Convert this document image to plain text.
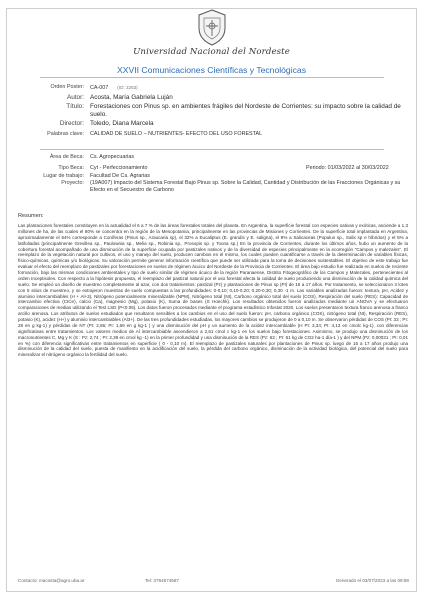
Universidad Nacional del Nordeste
XXVII Comunicaciones Científicas y Tecnológicas
Orden Poster: CA-007 (ID: 2253)
Autor: Acosta, María Gabriela Luján
Título: Forestaciones con Pinus sp. en ambientes frágiles del Nordeste de Corrientes: su impacto sobre la calidad de suelo.
Director: Toledo, Diana Marcela
Palabras clave: CALIDAD DE SUELO – NUTRIENTES- EFECTO DEL USO FORESTAL
Área de Beca: Cs. Agropecuarias
Tipo Beca: Cyt - Perfeccionamiento	Periodo: 01/03/2022 al 30/03/2022
Lugar de trabajo: Facultad De Cs. Agrarias
Proyecto: (19A007) Impacto del Sistema Forestal Bajo Pinus sp. Sobre la Calidad, Cantidad y Distribución de las Fracciones Orgánicas y su Efecto en el Secuestro de Carbono
Resumen:
Las plantaciones forestales constituyen en la actualidad el 6 a 7 % de las áreas forestales totales del planeta. En Argentina, la superficie forestal con especies nativas y exóticas, asciende a 1,3 millones de ha, de las cuales el 80% se concentra en la región de la Mesopotamia, principalmente en las provincias de Misiones y Corrientes. De la superficie total implantada en Argentina, aproximadamente el 54% corresponde a Coníferas (Pinus sp., Araucaria sp), el 32% a Eucaliptus (E. grandis y E. saligna), el 9% a Salicaceas (Populus sp., Salix sp e híbridos) y el 5% a latifoliadas (principalmente Grevillea sp., Paulownia sp., Melia sp., Robinia sp., Prosopis sp. y Toona sp.) En la provincia de Corrientes, durante los últimos años, hubo un aumento de la cobertura forestal acompañado de una disminución de la superficie ocupada por pastizales nativos y de la diversidad de especies principalmente en la ecorregión "Campos y malezales". El reemplazo de la vegetación natural por cultivos, el uso y manejo del suelo, producen cambios en el mismo, los cuales pueden cuantificarse a través de la determinación de variables físicas, físico-químicas, químicas y/o biológicas. Su valoración permite generar información científica que puede ser utilizada para la toma de decisiones sustentables. El objetivo de este trabajo fue evaluar el efecto del reemplazo de pastizales por forestaciones en suelos de régimen ácuico del Nordeste de la Provincia de Corrientes. El área bajo estudio fue realizada en suelos de reciente formación, bajo las mismas condiciones ambientales y tipo de suelo similar de régimen ácuico de la región Paranaense, Distrito Fitogeográfico de los Campos y Malezales, pertenecientes al orden Inceptisoles. Con respecto a la hipótesis propuesta, el reemplazo del pastizal natural por el uso forestal afecta la calidad de suelo produciendo una disminución de la calidad química del suelo. Se empleó un diseño de muestreo completamente al azar, con dos tratamientos: pastizal (Pz) y plantaciones de Pinus sp (PI) de 15 a 17 años. Por tratamiento, se seleccionaron 3 lotes con 5 sitios de muestreo, y se extrajeron muestras de suelo compuestas a las profundidades: 0-0,10; 0,10-0,20; 0,20-0,30; 0,30 -1 m. Las variables analizadas fueron: textura, pH, Acidez y aluminio intercambiables (H + Al+3), Nitrógeno potencialmente mineralizable (NPM), Nitrógeno total (Nt), Carbono orgánico total del suelo (COS), Respiración del suelo (RES); Capacidad de intercambio efectiva (CICe), calcio (Ca), magnesio (Mg), potasio (K), Suma de bases (S Hoechk). Los resultados obtenidos fueron analizados mediante un ANOVA y se efectuaron comparaciones de medias utilizando el Test LSD (P<0.05). Los datos fueron procesados mediante el programa estadístico Infostat 2020. Los suelos presentaron textura franco arenosa a franco arcillo arenosa. Los atributos de suelos estudiados que resultaron sensibles a los cambios en el uso del suelo fueron: pH, carbono orgánico (COS), nitrógeno total (Nt), Respiración (RES), potasio (K), acidez (H+) y aluminio intercambiables (Al3+). De las tres profundidades estudiadas, los mayores cambios se produjeron de 0 a 0,10 m. Se observaron pérdidas de COS (PI: 33 ; PI: 28 en g kg-1) y pérdidas de NT (PI: 2,86; PI: 1,69 en g kg-1 ) y una disminución del pH y un aumento de la acidez intercambiable (H PI: 3,34; PI: 4,13 en cmolc kg-1), con diferencias significativas entre tratamientos. Los valores medios de Al intercambiable ascendieron a 2,61 cmol c kg-1 en los suelos bajo forestaciones. Asimismo, se produjo una disminución de los macronutrientes C, Mg y K (S : Pz: 2,74 ; PI: 2,38 en cmol kg -1) en la primer profundidad y una disminución de la RES (Pz: 63 ; PI: 51 kg de CO2 ha-1 día-1 ) y del NPM (Pz: 0,00031 ; PI: 0,01 en %) con diferencia significativas entre tratamientos en superficie ( 0 - 0,10 m). El reemplazo de pastizales naturales por plantaciones de Pinus sp. luego de 15 a 17 años produjo una disminución de la calidad del suelo, puesta de manifiesto en la acidificación del suelo, la pérdida del carbono orgánico, disminución de la actividad biológica, del potencial del suelo para mineralizar el nitrógeno orgánico la fertilidad del suelo.
Contacto: macosta@agro.uba.ar	Tel: 3794674587	Generado el 03/07/2023 a las 09:59
